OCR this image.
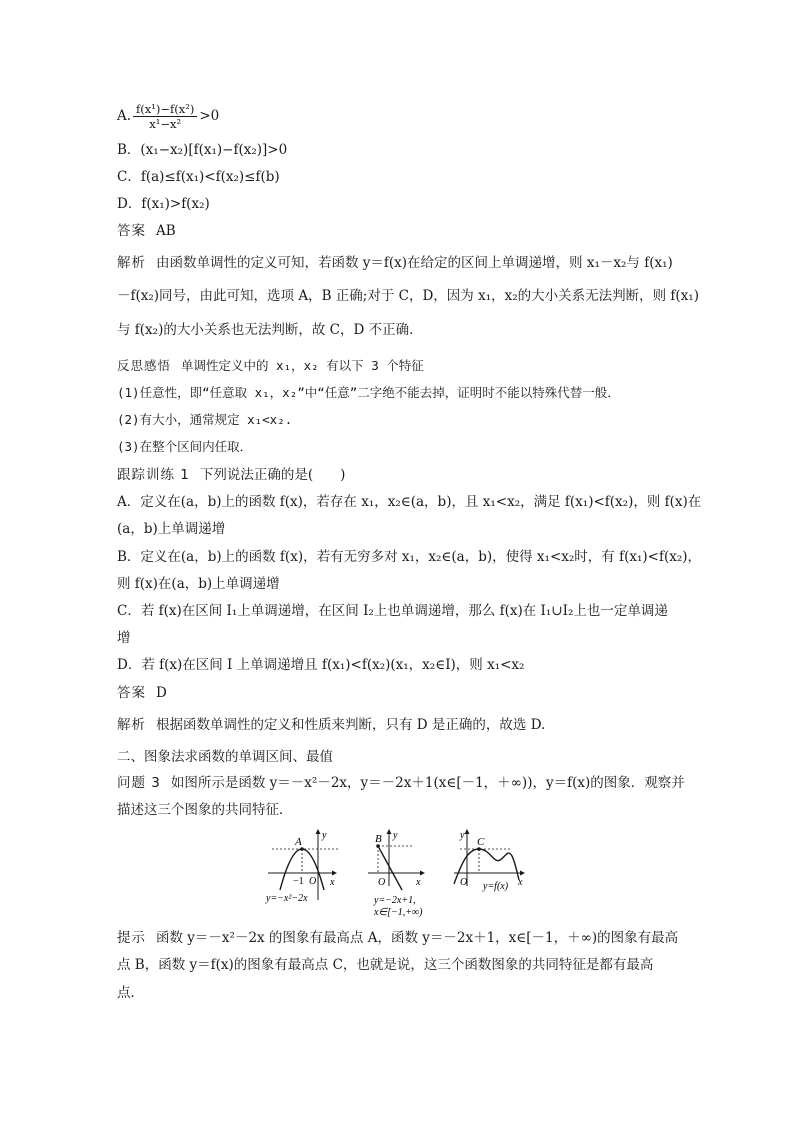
A. $\frac{\text{f(x¹)−f(x²)}}{\text{x¹−x²}} >0$
B．(x₁−x₂)[f(x₁)−f(x₂)]>0
C．f(a)≤f(x₁)<f(x₂)≤f(b)
D．f(x₁)>f(x₂)
答案 AB
解析 由函数单调性的定义可知，若函数 y＝f(x)在给定的区间上单调递增，则 x₁－x₂与 f(x₁)
－f(x₂)同号，由此可知，选项 A，B 正确;对于 C，D，因为 x₁，x₂的大小关系无法判断，则 f(x₁)
与 f(x₂)的大小关系也无法判断，故 C，D 不正确．
反思感悟 单调性定义中的 x₁，x₂ 有以下 3 个特征
(1)任意性，即“任意取 x₁，x₂”中“任意”二字绝不能去掉，证明时不能以特殊代替一般．
(2)有大小，通常规定 x₁<x₂.
(3)在整个区间内任取．
跟踪训练 1 下列说法正确的是(　　)
A．定义在(a，b)上的函数 f(x)，若存在 x₁，x₂∈(a，b)，且 x₁<x₂，满足 f(x₁)<f(x₂)，则 f(x)在
(a，b)上单调递增
B．定义在(a，b)上的函数 f(x)，若有无穷多对 x₁，x₂∈(a，b)，使得 x₁<x₂时，有 f(x₁)<f(x₂)，
则 f(x)在(a，b)上单调递增
C．若 f(x)在区间 I₁上单调递增，在区间 I₂上也单调递增，那么 f(x)在 I₁∪I₂上也一定单调递
增
D．若 f(x)在区间 I 上单调递增且 f(x₁)<f(x₂)(x₁，x₂∈I)，则 x₁<x₂
答案 D
解析 根据函数单调性的定义和性质来判断，只有 D 是正确的，故选 D.
二、图象法求函数的单调区间、最值
问题 3 如图所示是函数 y＝－x²－2x，y＝－2x＋1(x∈[－1，＋∞))，y＝f(x)的图象．观察并
描述这三个图象的共同特征．
A
y
x
−1 O
y=−x²−2x
B y
x
O
y=−2x+1,
x∈[−1,+∞)
C
y
x
O y=f(x)
提示 函数 y＝－x²－2x 的图象有最高点 A，函数 y＝－2x＋1，x∈[－1，＋∞)的图象有最高
点 B，函数 y＝f(x)的图象有最高点 C，也就是说，这三个函数图象的共同特征是都有最高
点．
